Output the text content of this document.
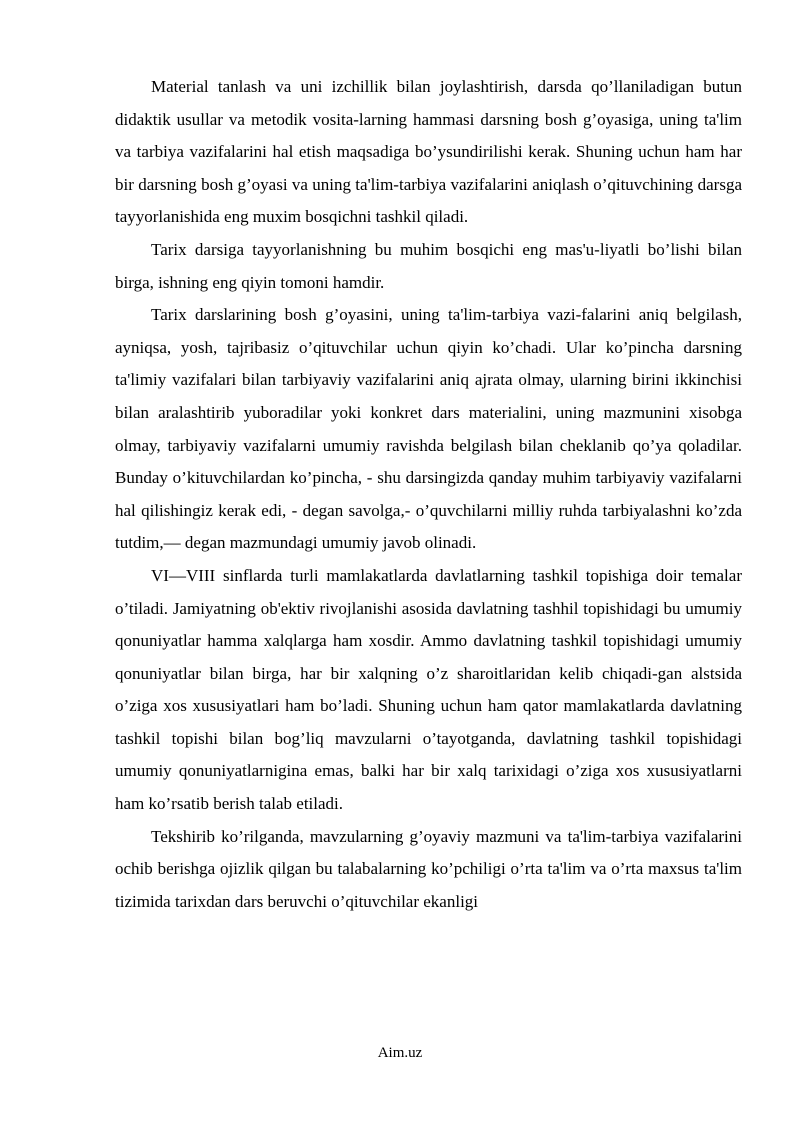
Material tanlash va uni izchillik bilan joylashtirish, darsda qo’llaniladigan butun didaktik usullar va metodik vosita-larning hammasi darsning bosh g’oyasiga, uning ta'lim va tarbiya vazifalarini hal etish maqsadiga bo’ysundirilishi kerak. Shuning uchun ham har bir darsning bosh g’oyasi va uning ta'lim-tarbiya vazifalarini aniqlash o’qituvchining darsga tayyorlanishida eng muxim bosqichni tashkil qiladi.

Tarix darsiga tayyorlanishning bu muhim bosqichi eng mas'u-liyatli bo’lishi bilan birga, ishning eng qiyin tomoni hamdir.

Tarix darslarining bosh g’oyasini, uning ta'lim-tarbiya vazi-falarini aniq belgilash, ayniqsa, yosh, tajribasiz o’qituvchilar uchun qiyin ko’chadi. Ular ko’pincha darsning ta'limiy vazifalari bilan tarbiyaviy vazifalarini aniq ajrata olmay, ularning birini ikkinchisi bilan aralashtirib yuboradilar yoki konkret dars materialini, uning mazmunini xisobga olmay, tarbiyaviy vazifalarni umumiy ravishda belgilash bilan cheklanib qo’ya qoladilar. Bunday o’kituvchilardan ko’pincha, - shu darsingizda qanday muhim tarbiyaviy vazifalarni hal qilishingiz kerak edi, - degan savolga,- o’quvchilarni milliy ruhda tarbiyalashni ko’zda tutdim,— degan mazmundagi umumiy javob olinadi.

VI—VIII sinflarda turli mamlakatlarda davlatlarning tashkil topishiga doir temalar o’tiladi. Jamiyatning ob'ektiv rivojlanishi asosida davlatning tashhil topishidagi bu umumiy qonuniyatlar hamma xalqlarga ham xosdir. Ammo davlatning tashkil topishidagi umumiy qonuniyatlar bilan birga, har bir xalqning o’z sharoitlaridan kelib chiqadi-gan alstsida o’ziga xos xususiyatlari ham bo’ladi. Shuning uchun ham qator mamlakatlarda davlatning tashkil topishi bilan bog’liq mavzularni o’tayotganda, davlatning tashkil topishidagi umumiy qonuniyatlarnigina emas, balki har bir xalq tarixidagi o’ziga xos xususiyatlarni ham ko’rsatib berish talab etiladi.

Tekshirib ko’rilganda, mavzularning g’oyaviy mazmuni va ta'lim-tarbiya vazifalarini ochib berishga ojizlik qilgan bu talabalarning ko’pchiligi o’rta ta'lim va o’rta maxsus ta'lim tizimida tarixdan dars beruvchi o’qituvchilar ekanligi

Aim.uz
